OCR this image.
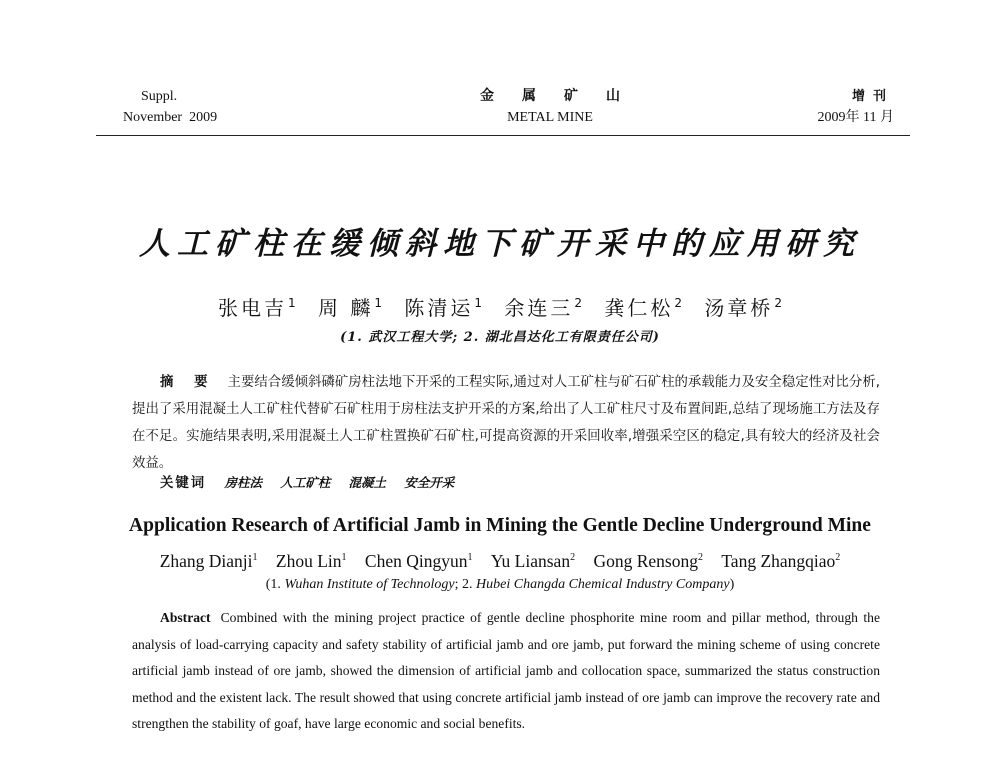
Suppl.
November  2009
金属矿山
METAL MINE
增刊
2009年 11 月
人工矿柱在缓倾斜地下矿开采中的应用研究
张电吉$^1$ 周 麟$^1$ 陈清运$^1$ 余连三$^2$ 龚仁松$^2$ 汤章桥$^2$
(1. 武汉工程大学; 2. 湖北昌达化工有限责任公司)
摘 要 主要结合缓倾斜磷矿房柱法地下开采的工程实际,通过对人工矿柱与矿石矿柱的承载能力及安全稳定性对比分析,提出了采用混凝土人工矿柱代替矿石矿柱用于房柱法支护开采的方案,给出了人工矿柱尺寸及布置间距,总结了现场施工方法及存在不足。实施结果表明,采用混凝土人工矿柱置换矿石矿柱,可提高资源的开采回收率,增强采空区的稳定,具有较大的经济及社会效益。
关键词 房柱法 人工矿柱 混凝土 安全开采
Application Research of Artificial Jamb in Mining the Gentle Decline Underground Mine
Zhang Dianji$^1$ Zhou Lin$^1$ Chen Qingyun$^1$ Yu Liansan$^2$ Gong Rensong$^2$ Tang Zhangqiao$^2$
(1. Wuhan Institute of Technology; 2. Hubei Changda Chemical Industry Company)
Abstract Combined with the mining project practice of gentle decline phosphorite mine room and pillar method, through the analysis of load-carrying capacity and safety stability of artificial jamb and ore jamb, put forward the mining scheme of using concrete artificial jamb instead of ore jamb, showed the dimension of artificial jamb and collocation space, summarized the status construction method and the existent lack. The result showed that using concrete artificial jamb instead of ore jamb can improve the recovery rate and strengthen the stability of goaf, have large economic and social benefits.
